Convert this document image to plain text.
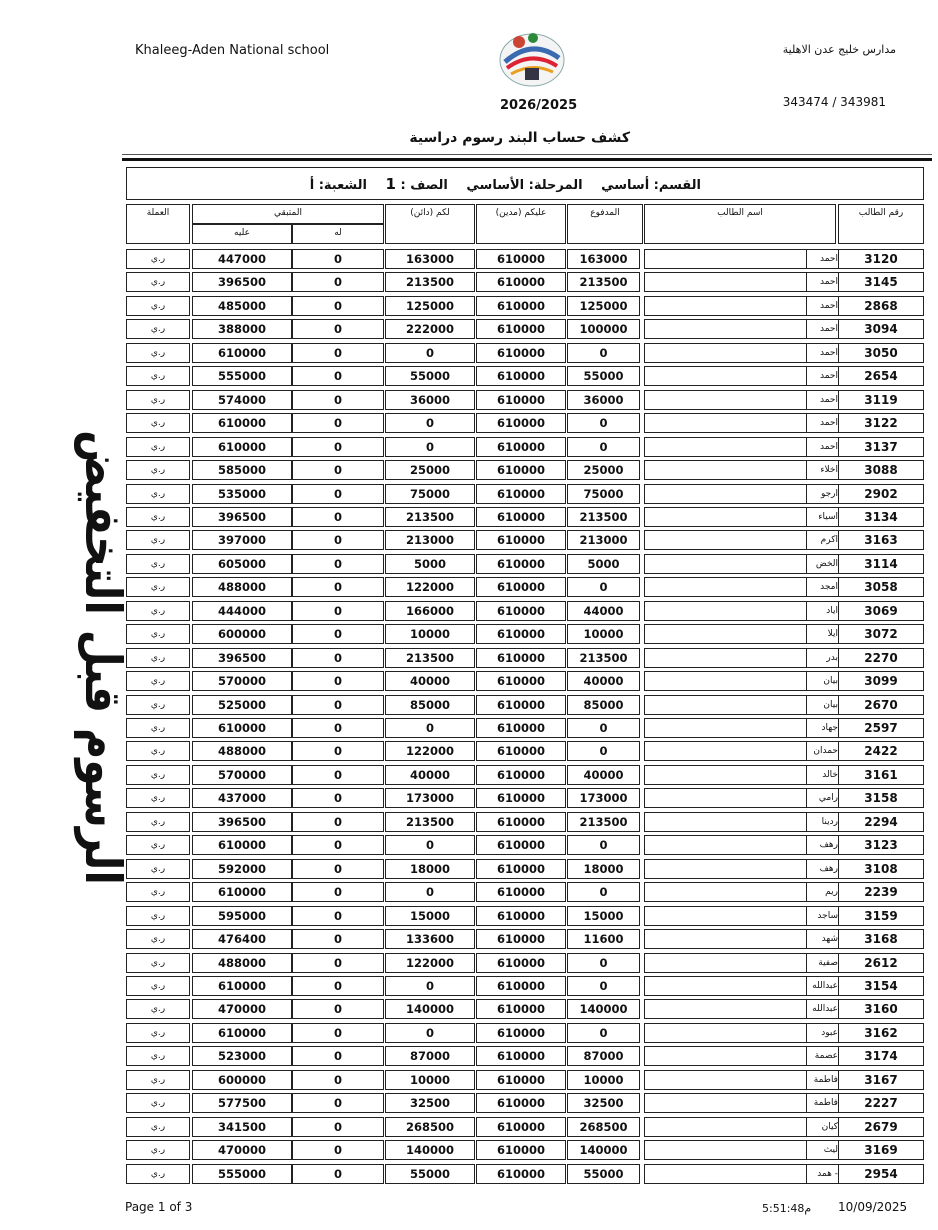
Khaleeg-Aden National school	مدارس خليج عدن الاهلية
2026/2025	343474 / 343981
كشف حساب البند رسوم دراسية
القسم: أساسي المرحلة: الأساسي الصف : 1 الشعبة: أ
العملة	المتبقي
عليه	له
(لكم (دائن	(عليكم (مدين	المدفوع	اسم الطالب	رقم الطالب
ر.ي	447000	0	163000	610000	163000	احمد	3120
ر.ي	396500	0	213500	610000	213500	احمد	3145
ر.ي	485000	0	125000	610000	125000	احمد	2868
ر.ي	388000	0	222000	610000	100000	احمد	3094
ر.ي	610000	0	0	610000	0	احمد	3050
ر.ي	555000	0	55000	610000	55000	احمد	2654
ر.ي	574000	0	36000	610000	36000	احمد	3119
ر.ي	610000	0	0	610000	0	احمد	3122
ر.ي	610000	0	0	610000	0	احمد	3137
ر.ي	585000	0	25000	610000	25000	اخلاء	3088
ر.ي	535000	0	75000	610000	75000	ارجو	2902
ر.ي	396500	0	213500	610000	213500	اسياء	3134
ر.ي	397000	0	213000	610000	213000	اكرم	3163
ر.ي	605000	0	5000	610000	5000	الخض	3114
ر.ي	488000	0	122000	610000	0	امجد	3058
ر.ي	444000	0	166000	610000	44000	اياد	3069
ر.ي	600000	0	10000	610000	10000	ايلا	3072
ر.ي	396500	0	213500	610000	213500	بدر	2270
ر.ي	570000	0	40000	610000	40000	بيان	3099
ر.ي	525000	0	85000	610000	85000	بيان	2670
ر.ي	610000	0	0	610000	0	جهاد	2597
ر.ي	488000	0	122000	610000	0	حمدان	2422
ر.ي	570000	0	40000	610000	40000	خالد	3161
ر.ي	437000	0	173000	610000	173000	رامي	3158
ر.ي	396500	0	213500	610000	213500	ردينا	2294
ر.ي	610000	0	0	610000	0	رهف	3123
ر.ي	592000	0	18000	610000	18000	رهف	3108
ر.ي	610000	0	0	610000	0	ريم	2239
ر.ي	595000	0	15000	610000	15000	ساجد	3159
ر.ي	476400	0	133600	610000	11600	شهد	3168
ر.ي	488000	0	122000	610000	0	صفية	2612
ر.ي	610000	0	0	610000	0	عبدالله	3154
ر.ي	470000	0	140000	610000	140000	عبدالله	3160
ر.ي	610000	0	0	610000	0	عبود	3162
ر.ي	523000	0	87000	610000	87000	عصمة	3174
ر.ي	600000	0	10000	610000	10000	فاطمة	3167
ر.ي	577500	0	32500	610000	32500	فاطمة	2227
ر.ي	341500	0	268500	610000	268500	كيان	2679
ر.ي	470000	0	140000	610000	140000	ليث	3169
ر.ي	555000	0	55000	610000	55000	- همد	2954
الرسوم قبل التخفيض
Page 1 of 3	م5:51:48 10/09/2025
